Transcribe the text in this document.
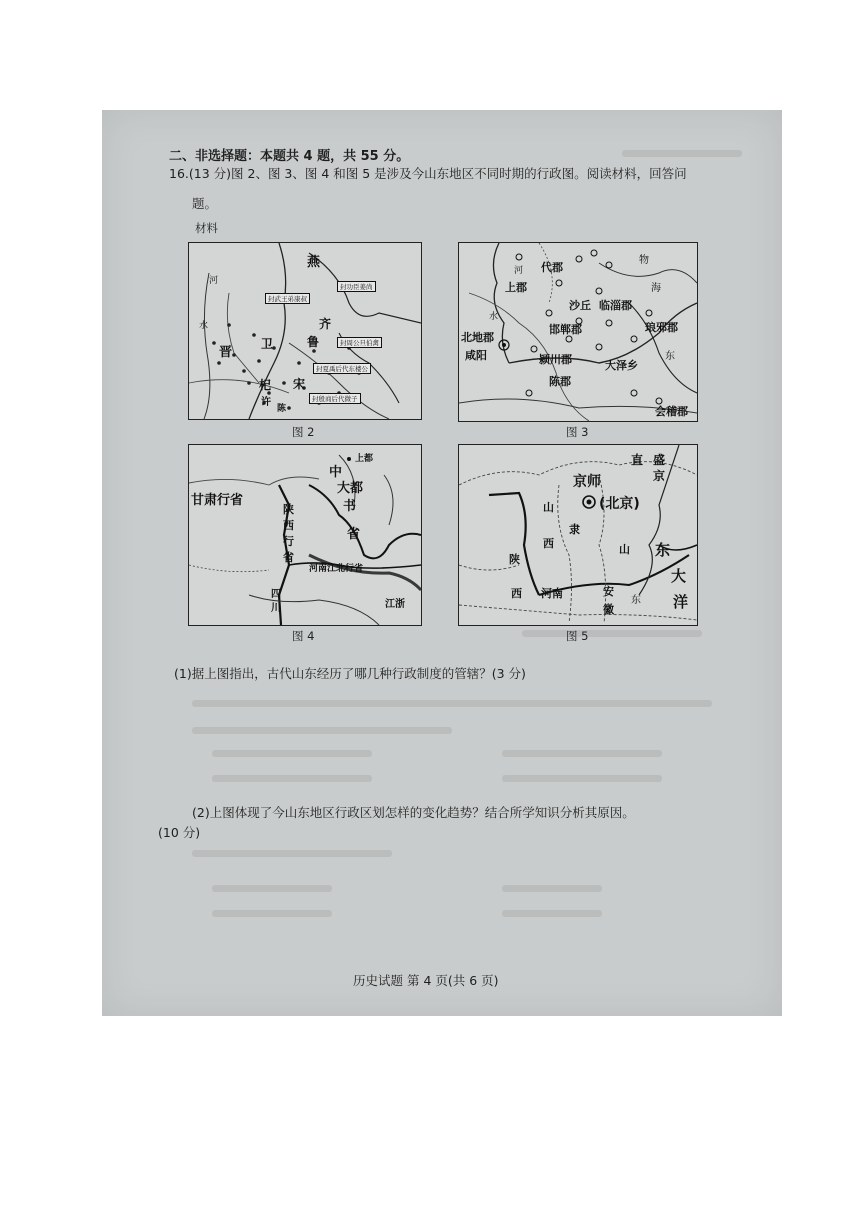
二、非选择题：本题共 4 题，共 55 分。
16.(13 分)图 2、图 3、图 4 和图 5 是涉及今山东地区不同时期的行政图。阅读材料，回答问
题。
材料
燕
河
水
晋
卫	鲁
齐
杞
许
宋
陈
封功臣姜尚
封武王弟康叔
封周公旦伯禽
封夏禹后代东楼公
封殷商后代微子
图 2
代郡
上郡
河
物
海
沙丘 临淄郡
北地郡
邯郸郡	琅邪郡
咸阳	颍川郡	东
大泽乡
陈郡
会稽郡
水
图 3
上都
中
大都
书
省
甘肃行省
陕
西
行
省
河南江北行省
四
川	江浙
图 4
盛
京
直
京师
(北京)
山
隶
西	东
山
陕
大
西 河南	安
徽	洋
东
图 5
(1)据上图指出，古代山东经历了哪几种行政制度的管辖？(3 分)
(2)上图体现了今山东地区行政区划怎样的变化趋势？结合所学知识分析其原因。
(10 分)
历史试题 第 4 页(共 6 页)
